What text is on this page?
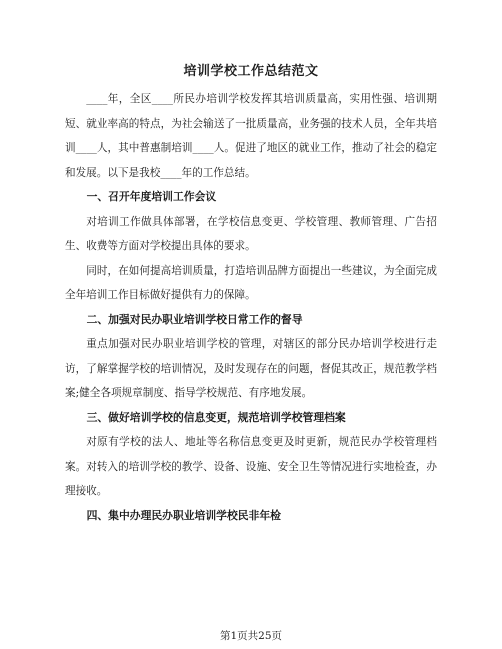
培训学校工作总结范文

____年，全区____所民办培训学校发挥其培训质量高，实用性强、培训期短、就业率高的特点，为社会输送了一批质量高，业务强的技术人员，全年共培训____人，其中普惠制培训____人。促进了地区的就业工作，推动了社会的稳定和发展。以下是我校____年的工作总结。

一、召开年度培训工作会议

对培训工作做具体部署，在学校信息变更、学校管理、教师管理、广告招生、收费等方面对学校提出具体的要求。

同时，在如何提高培训质量，打造培训品牌方面提出一些建议，为全面完成全年培训工作目标做好提供有力的保障。

二、加强对民办职业培训学校日常工作的督导

重点加强对民办职业培训学校的管理，对辖区的部分民办培训学校进行走访，了解掌握学校的培训情况，及时发现存在的问题，督促其改正，规范教学档案;健全各项规章制度、指导学校规范、有序地发展。

三、做好培训学校的信息变更，规范培训学校管理档案

对原有学校的法人、地址等名称信息变更及时更新，规范民办学校管理档案。对转入的培训学校的教学、设备、设施、安全卫生等情况进行实地检查，办理接收。

四、集中办理民办职业培训学校民非年检
第1页共25页
